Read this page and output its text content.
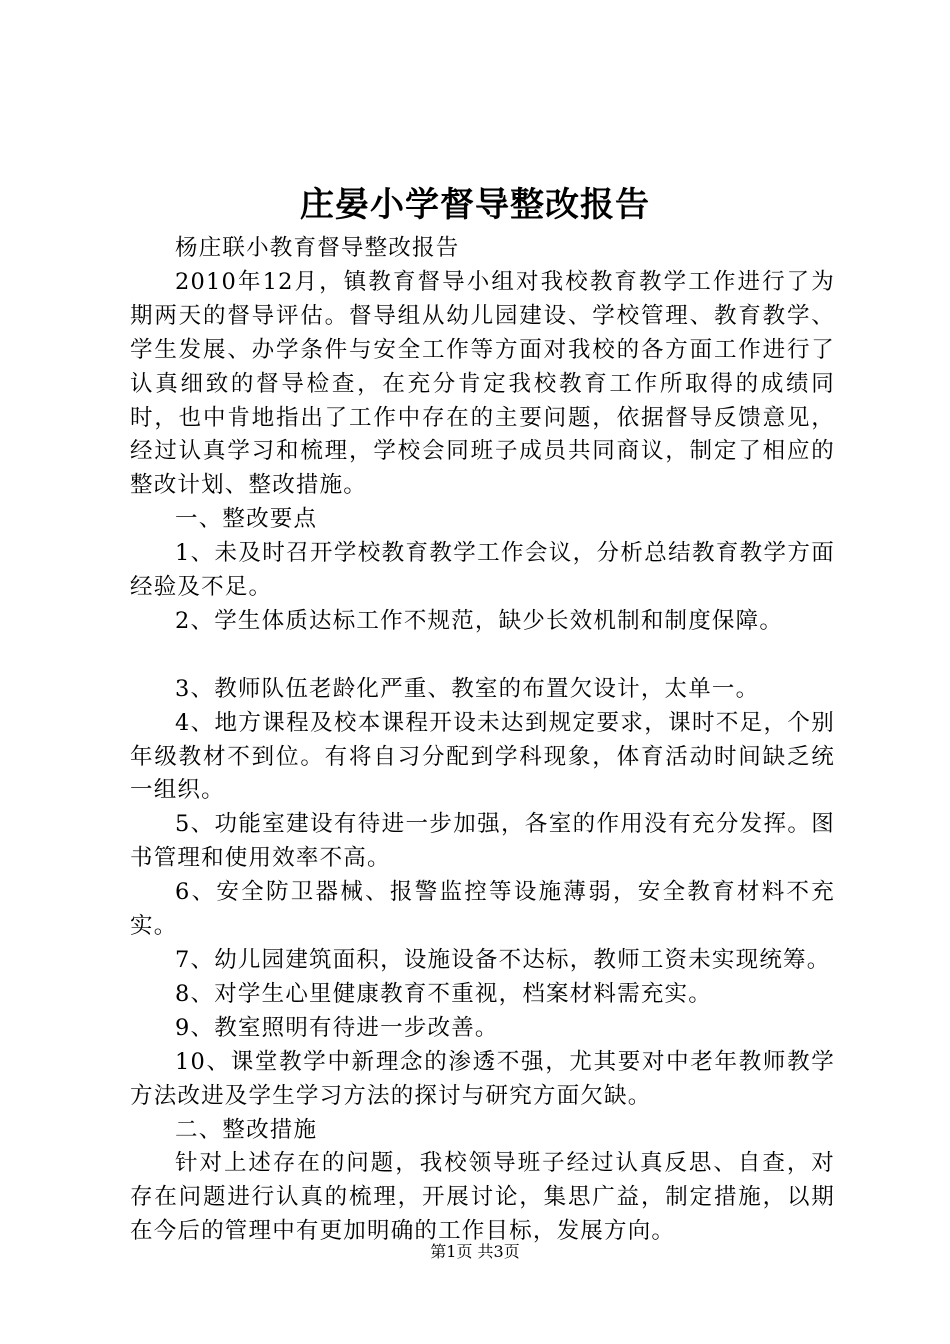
庄晏小学督导整改报告

杨庄联小教育督导整改报告

2010年12月，镇教育督导小组对我校教育教学工作进行了为期两天的督导评估。督导组从幼儿园建设、学校管理、教育教学、学生发展、办学条件与安全工作等方面对我校的各方面工作进行了认真细致的督导检查，在充分肯定我校教育工作所取得的成绩同时，也中肯地指出了工作中存在的主要问题，依据督导反馈意见，经过认真学习和梳理，学校会同班子成员共同商议，制定了相应的整改计划、整改措施。

一、整改要点

1、未及时召开学校教育教学工作会议，分析总结教育教学方面经验及不足。

2、学生体质达标工作不规范，缺少长效机制和制度保障。

3、教师队伍老龄化严重、教室的布置欠设计，太单一。

4、地方课程及校本课程开设未达到规定要求，课时不足，个别年级教材不到位。有将自习分配到学科现象，体育活动时间缺乏统一组织。

5、功能室建设有待进一步加强，各室的作用没有充分发挥。图书管理和使用效率不高。

6、安全防卫器械、报警监控等设施薄弱，安全教育材料不充实。

7、幼儿园建筑面积，设施设备不达标，教师工资未实现统筹。

8、对学生心里健康教育不重视，档案材料需充实。

9、教室照明有待进一步改善。

10、课堂教学中新理念的渗透不强，尤其要对中老年教师教学方法改进及学生学习方法的探讨与研究方面欠缺。

二、整改措施

针对上述存在的问题，我校领导班子经过认真反思、自查，对存在问题进行认真的梳理，开展讨论，集思广益，制定措施，以期在今后的管理中有更加明确的工作目标，发展方向。

第1页 共3页
